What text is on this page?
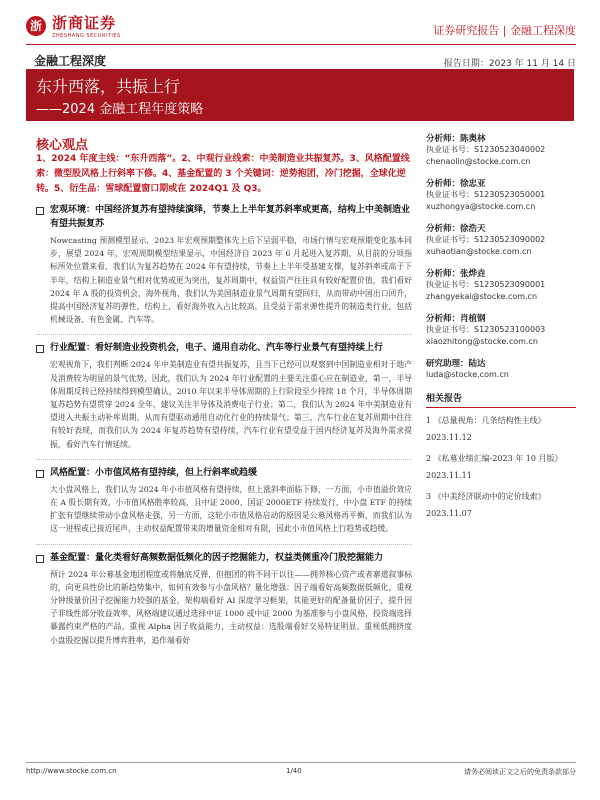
浙 浙商证券
ZHESHANG SECURITIES	证券研究报告 | 金融工程深度
金融工程深度	报告日期：2023 年 11 月 14 日
东升西落，共振上行
——2024 金融工程年度策略
核心观点

1、2024 年度主线：“东升西落”。2、中观行业线索：中美制造业共振复苏。3、风格配置线索：微型股风格上行斜率下修。4、基金配置的 3 个关键词：逆势抱团，冷门挖掘，全球化逆转。5、衍生品：雪球配置窗口期或在 2024Q1 及 Q3。

宏观环境：中国经济复苏有望持续演绎，节奏上上半年复苏斜率或更高，结构上中美制造业有望共振复苏
Nowcasting 预测模型显示，2023 年宏观预期整体先上后下呈弱平稳，市场行情与宏观预期变化基本同步，展望 2024 年，宏观周期模型结果显示，中国经济自 2023 年 6 月起进入复苏期，从目前的分项指标所处位置来看，我们认为复苏趋势在 2024 年有望持续，节奏上上半年受基建支撑，复苏斜率或高于下半年，结构上制造业景气相对优势或更为突出，复苏周期中，权益资产往往具有较好配置价值，我们看好 2024 年 A 股的投资机会，海外视角，我们认为美国制造业景气周期有望回归，从而带动中国出口回升，提高中国经济复苏的弹性，结构上，看好海外收入占比较高，且受益于需求弹性提升的制造类行业，包括机械设备、有色金属、汽车等。
行业配置：看好制造业投资机会，电子、通用自动化、汽车等行业景气有望持续上行
宏观视角下，我们判断 2024 年中美制造业有望共振复苏，且当下已经可以观察到中国制造业相对于地产及消费较为明显的景气优势，因此，我们认为 2024 年行业配置的主要关注重心应在制造业，第一，半导体周期反转已经持续得到模型确认，2010 年以来半导体周期的上行阶段至少持续 18 个月，半导体周期复苏趋势有望贯穿 2024 全年，建议关注半导体及消费电子行业；第二，我们认为 2024 年中美制造业有望进入共振主动补库周期，从而有望驱动通用自动化行业的持续景气；第三，汽车行业在复苏周期中往往有较好表现，而我们认为 2024 年复苏趋势有望持续，汽车行业有望受益于国内经济复苏及海外需求提振，看好汽车行情延续。
风格配置：小市值风格有望持续，但上行斜率或趋缓
大小盘风格上，我们认为 2024 年小市值风格有望持续，但上涨斜率面临下修，一方面，小市值溢价效应在 A 股长期有效，小市值风格胜率较高，且中证 2000、国证 2000ETF 持续发行，中小盘 ETF 的持续扩张有望继续带动小盘风格走强，另一方面，这轮小市值风格启动的原因是公募风格再平衡，而我们认为这一进程或已接近尾声，主动权益配置带来的增量资金相对有限，因此小市值风格上行趋势或趋缓。
基金配置：量化类看好高频数据低频化的因子挖掘能力，权益类侧重冷门股挖掘能力
预计 2024 年公募基金地团程度或将触底反弹，但抱团的将不同于以往——拥养核心资产或者寨道叙事标的，向更具性价比的新趋势集中，如何有效参与小盘风格？量化增强：因子端看好高频数据低频化，重视分钟级量价因子挖掘能力较强的基金，架构端看好 AI 深度学习框架，其能更好的配备量价因子，提升因子非线性部分收益效率，风格端建议通过选择中证 1000 或中证 2000 为基准参与小盘风格，投资端选择暴露约束严格的产品，重视 Alpha 因子收益能力，主动权益：选股端看好交易特征明显、重视低拥挤度小盘股挖掘以提升博弈胜率，追作端看好
分析师：陈奥林
执业证书号：S1230523040002
chenaolin@stocke.com.cn
分析师：徐忠亚
执业证书号：S1230523050001
xuzhongya@stocke.com.cn
分析师：徐浩天
执业证书号：S1230523090002
xuhaotian@stocke.com.cn
分析师：张烨垚
执业证书号：S1230523090001
zhangyekai@stocke.com.cn
分析师：肖植钢
执业证书号：S1230523100003
xiaozhitong@stocke.com.cn
研究助理：陆达
luda@stocke.com.cn
相关报告
1 《总量视角：几条结构性主线》 2023.11.12
2 《私募业绩汇编-2023 年 10 月版》 2023.11.11
3 《中美经济联动中的定价线索》 2023.11.07
http://www.stocke.com.cn	1/40	请务必阅读正文之后的免责条款部分
